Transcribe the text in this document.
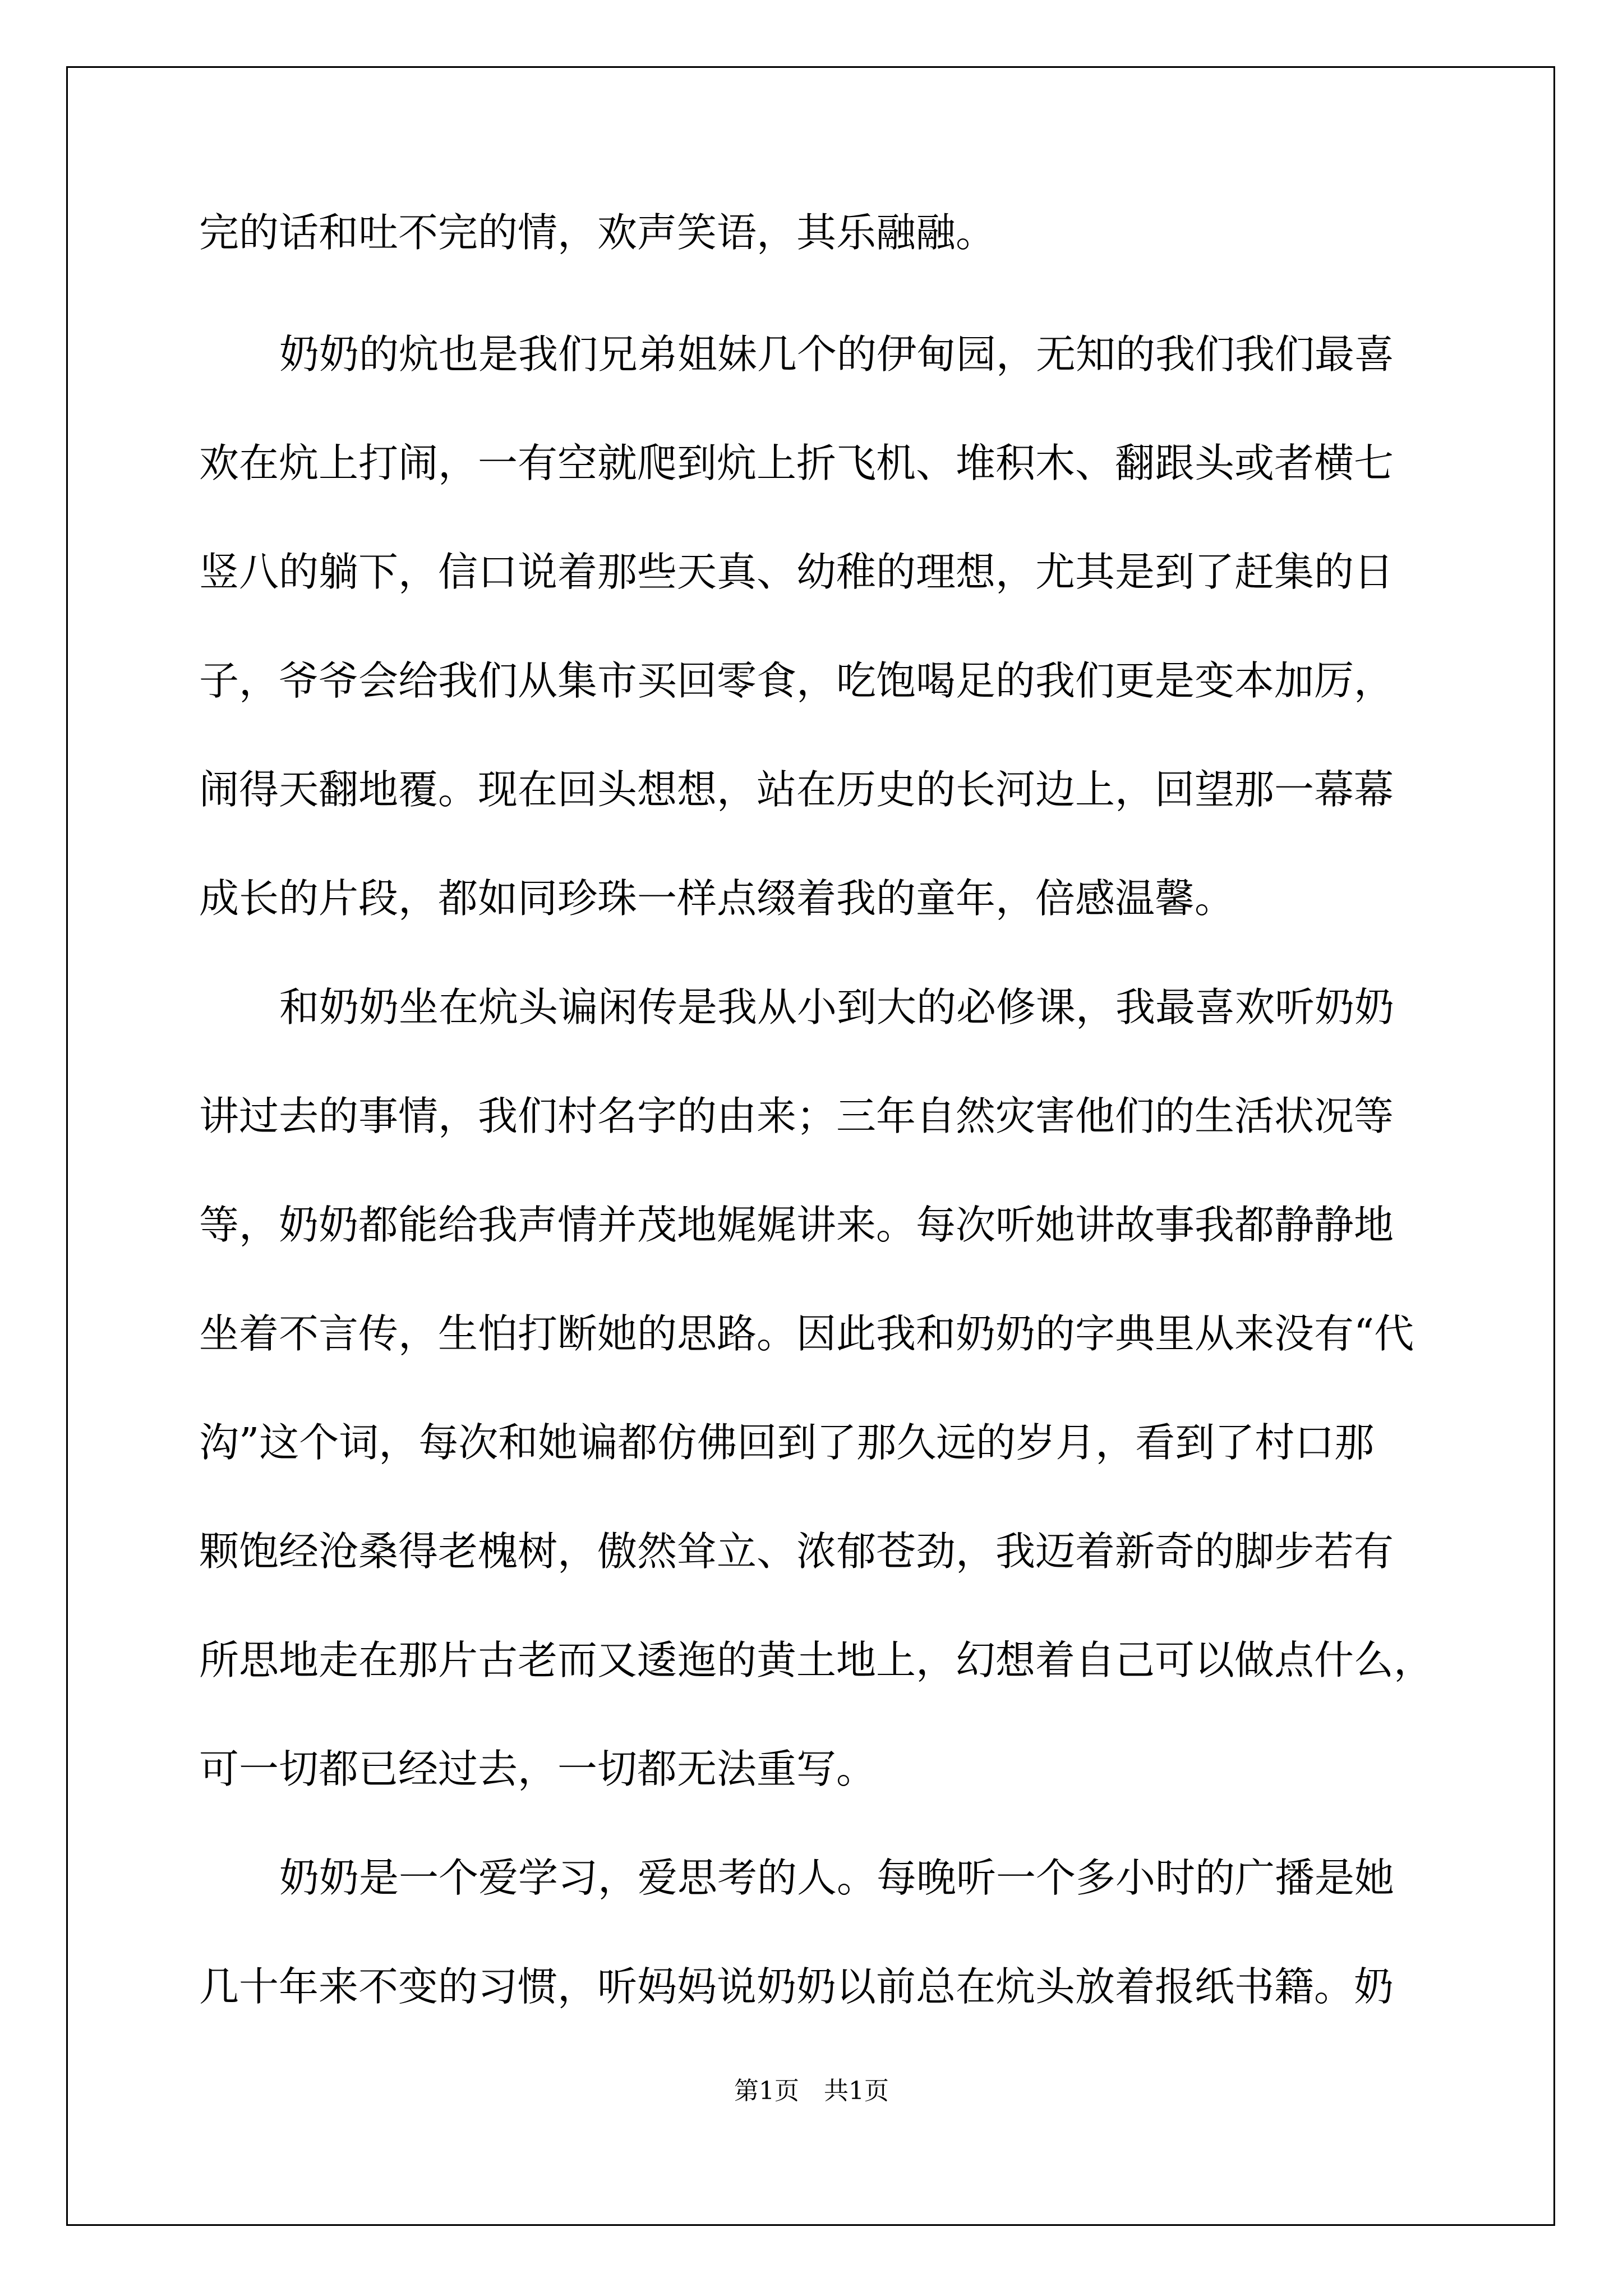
完的话和吐不完的情，欢声笑语，其乐融融。
奶奶的炕也是我们兄弟姐妹几个的伊甸园，无知的我们我们最喜
欢在炕上打闹，一有空就爬到炕上折飞机、堆积木、翻跟头或者横七
竖八的躺下，信口说着那些天真、幼稚的理想，尤其是到了赶集的日
子，爷爷会给我们从集市买回零食，吃饱喝足的我们更是变本加厉，
闹得天翻地覆。现在回头想想，站在历史的长河边上，回望那一幕幕
成长的片段，都如同珍珠一样点缀着我的童年，倍感温馨。
和奶奶坐在炕头谝闲传是我从小到大的必修课，我最喜欢听奶奶
讲过去的事情，我们村名字的由来；三年自然灾害他们的生活状况等
等，奶奶都能给我声情并茂地娓娓讲来。每次听她讲故事我都静静地
坐着不言传，生怕打断她的思路。因此我和奶奶的字典里从来没有“代
沟”这个词，每次和她谝都仿佛回到了那久远的岁月，看到了村口那
颗饱经沧桑得老槐树，傲然耸立、浓郁苍劲，我迈着新奇的脚步若有
所思地走在那片古老而又逶迤的黄土地上，幻想着自己可以做点什么，
可一切都已经过去，一切都无法重写。
奶奶是一个爱学习，爱思考的人。每晚听一个多小时的广播是她
几十年来不变的习惯，听妈妈说奶奶以前总在炕头放着报纸书籍。奶
第1页 共1页
